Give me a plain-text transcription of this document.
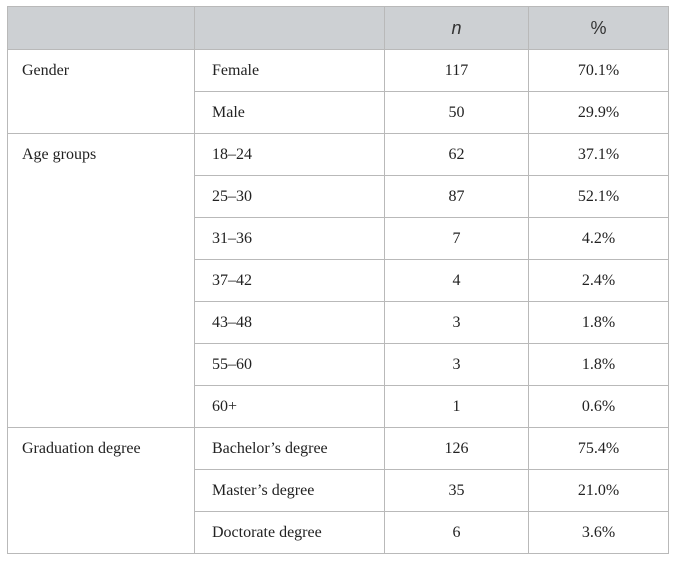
		n	%
Gender	Female	117	70.1%
	Male	50	29.9%
Age groups	18–24	62	37.1%
	25–30	87	52.1%
	31–36	7	4.2%
	37–42	4	2.4%
	43–48	3	1.8%
	55–60	3	1.8%
	60+	1	0.6%
Graduation degree	Bachelor’s degree	126	75.4%
	Master’s degree	35	21.0%
	Doctorate degree	6	3.6%
